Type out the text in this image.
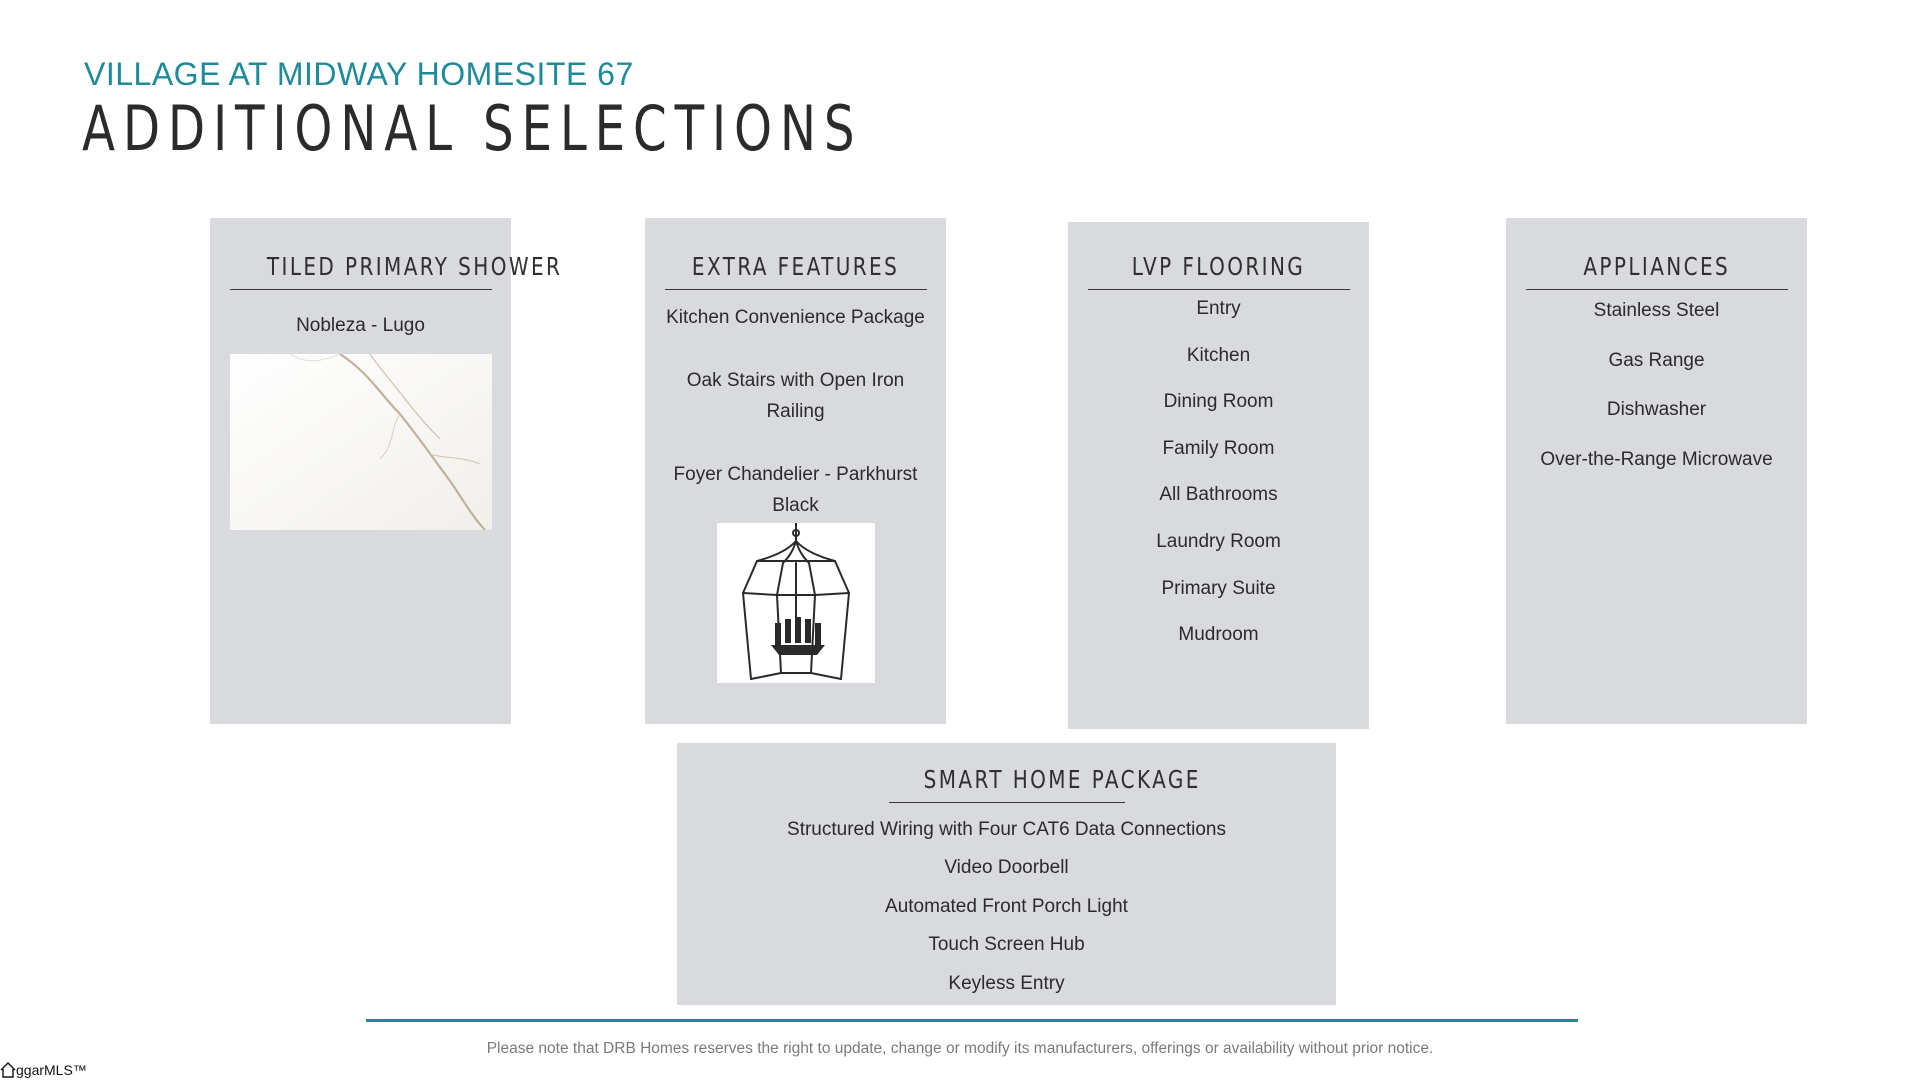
VILLAGE AT MIDWAY HOMESITE 67
ADDITIONAL SELECTIONS
TILED PRIMARY SHOWER
Nobleza - Lugo
EXTRA FEATURES
Kitchen Convenience Package
Oak Stairs with Open Iron Railing
Foyer Chandelier - Parkhurst Black
LVP FLOORING
Entry
Kitchen
Dining Room
Family Room
All Bathrooms
Laundry Room
Primary Suite
Mudroom
APPLIANCES
Stainless Steel
Gas Range
Dishwasher
Over-the-Range Microwave
SMART HOME PACKAGE
Structured Wiring with Four CAT6 Data Connections
Video Doorbell
Automated Front Porch Light
Touch Screen Hub
Keyless Entry
Please note that DRB Homes reserves the right to update, change or modify its manufacturers, offerings or availability without prior notice.
ggarMLS™
